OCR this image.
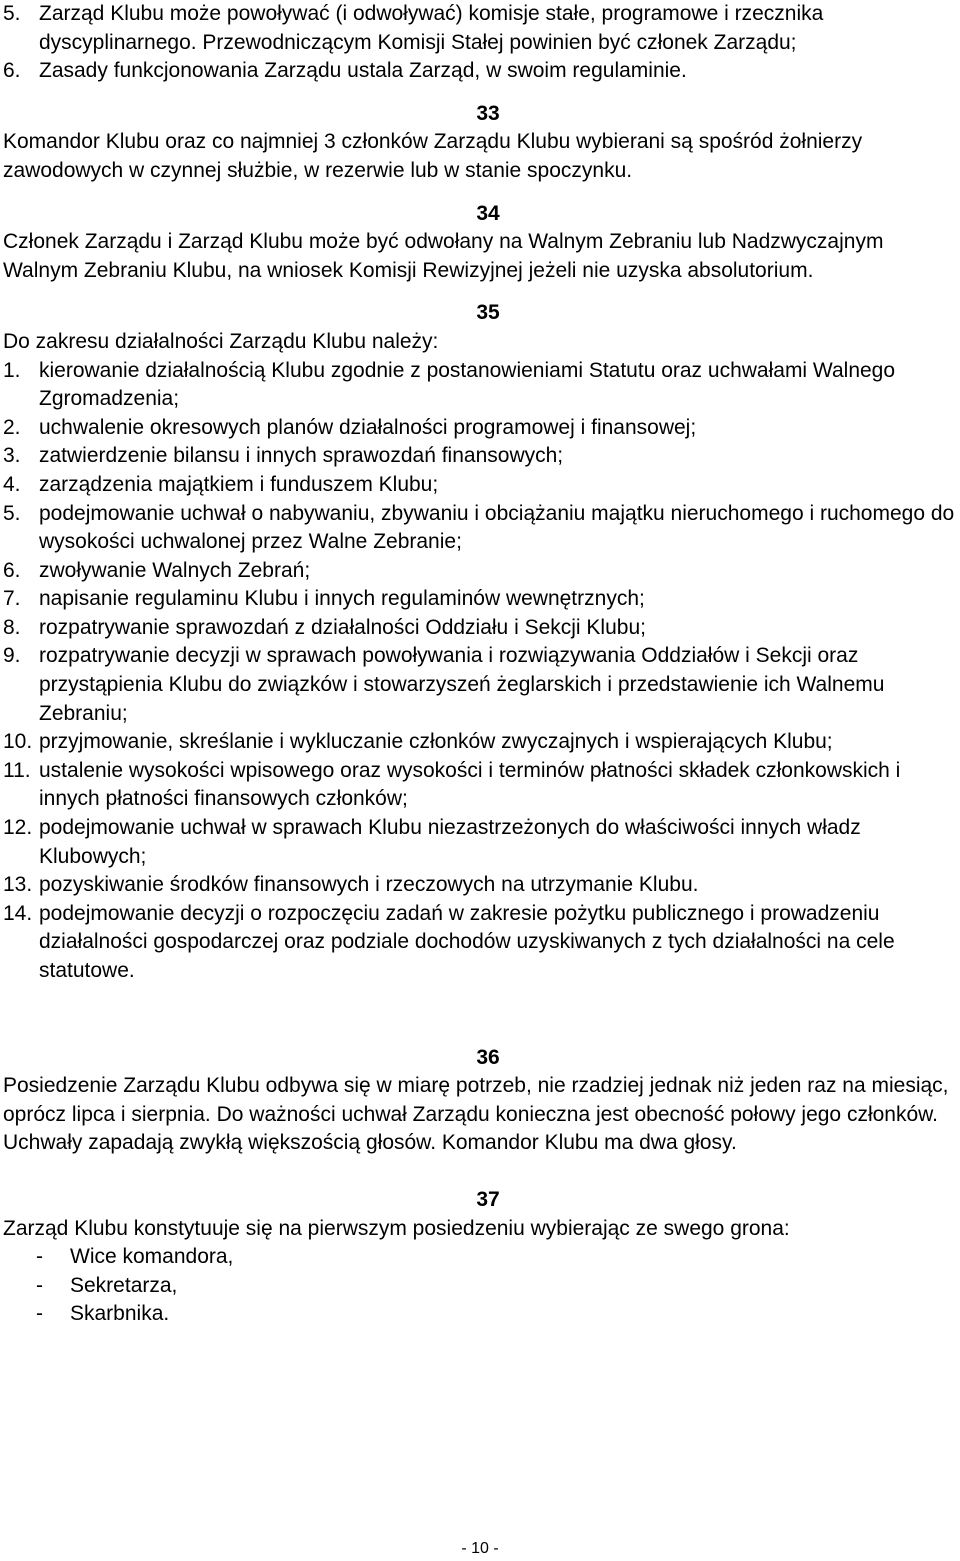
5. Zarząd Klubu może powoływać (i odwoływać) komisje stałe, programowe i rzecznika dyscyplinarnego. Przewodniczącym Komisji Stałej powinien być członek Zarządu;
6. Zasady funkcjonowania Zarządu ustala Zarząd, w swoim regulaminie.

33

Komandor Klubu oraz co najmniej 3 członków Zarządu Klubu wybierani są spośród żołnierzy zawodowych w czynnej służbie, w rezerwie lub w stanie spoczynku.

34

Członek Zarządu i Zarząd Klubu może być odwołany na Walnym Zebraniu lub Nadzwyczajnym Walnym Zebraniu Klubu, na wniosek Komisji Rewizyjnej jeżeli nie uzyska absolutorium.

35

Do zakresu działalności Zarządu Klubu należy:

1. kierowanie działalnością Klubu zgodnie z postanowieniami Statutu oraz uchwałami Walnego Zgromadzenia;
2. uchwalenie okresowych planów działalności programowej i finansowej;
3. zatwierdzenie bilansu i innych sprawozdań finansowych;
4. zarządzenia majątkiem i funduszem Klubu;
5. podejmowanie uchwał o nabywaniu, zbywaniu i obciążaniu majątku nieruchomego i ruchomego do wysokości uchwalonej przez Walne Zebranie;
6. zwoływanie Walnych Zebrań;
7. napisanie regulaminu Klubu i innych regulaminów wewnętrznych;
8. rozpatrywanie sprawozdań z działalności Oddziału i Sekcji Klubu;
9. rozpatrywanie decyzji w sprawach powoływania i rozwiązywania Oddziałów i Sekcji oraz przystąpienia Klubu do związków i stowarzyszeń żeglarskich i przedstawienie ich Walnemu Zebraniu;
10. przyjmowanie, skreślanie i wykluczanie członków zwyczajnych i wspierających Klubu;
11. ustalenie wysokości wpisowego oraz wysokości i terminów płatności składek członkowskich i innych płatności finansowych członków;
12. podejmowanie uchwał w sprawach Klubu niezastrzeżonych do właściwości innych władz Klubowych;
13. pozyskiwanie środków finansowych i rzeczowych na utrzymanie Klubu.
14. podejmowanie decyzji o rozpoczęciu zadań w zakresie pożytku publicznego i prowadzeniu działalności gospodarczej oraz podziale dochodów uzyskiwanych z tych działalności na cele statutowe.

36

Posiedzenie Zarządu Klubu odbywa się w miarę potrzeb, nie rzadziej jednak niż jeden raz na miesiąc, oprócz lipca i sierpnia. Do ważności uchwał Zarządu konieczna jest obecność połowy jego członków. Uchwały zapadają zwykłą większością głosów. Komandor Klubu ma dwa głosy.

37

Zarząd Klubu konstytuuje się na pierwszym posiedzeniu wybierając ze swego grona:

-	Wice komandora,
-	Sekretarza,
-	Skarbnika.
- 10 -
